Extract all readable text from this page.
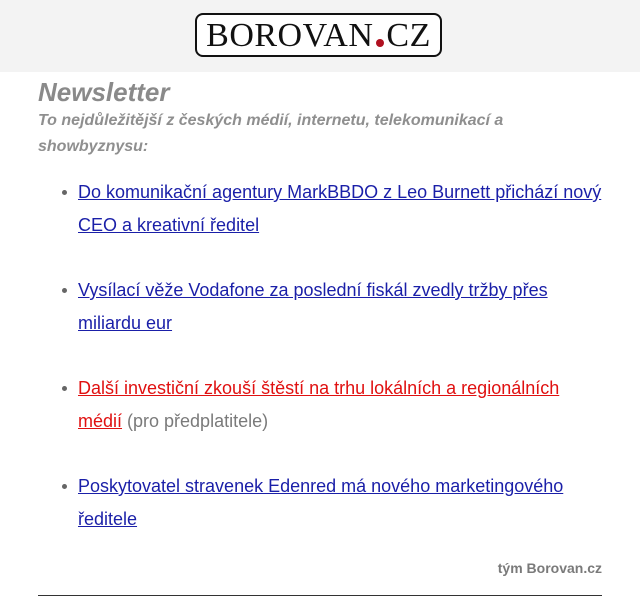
BOROVAN CZ
Newsletter
To nejdůležitější z českých médií, internetu, telekomunikací a showbyznysu:
Do komunikační agentury MarkBBDO z Leo Burnett přichází nový CEO a kreativní ředitel
Vysílací věže Vodafone za poslední fiskál zvedly tržby přes miliardu eur
Další investiční zkouší štěstí na trhu lokálních a regionálních médií (pro předplatitele)
Poskytovatel stravenek Edenred má nového marketingového ředitele
tým Borovan.cz
